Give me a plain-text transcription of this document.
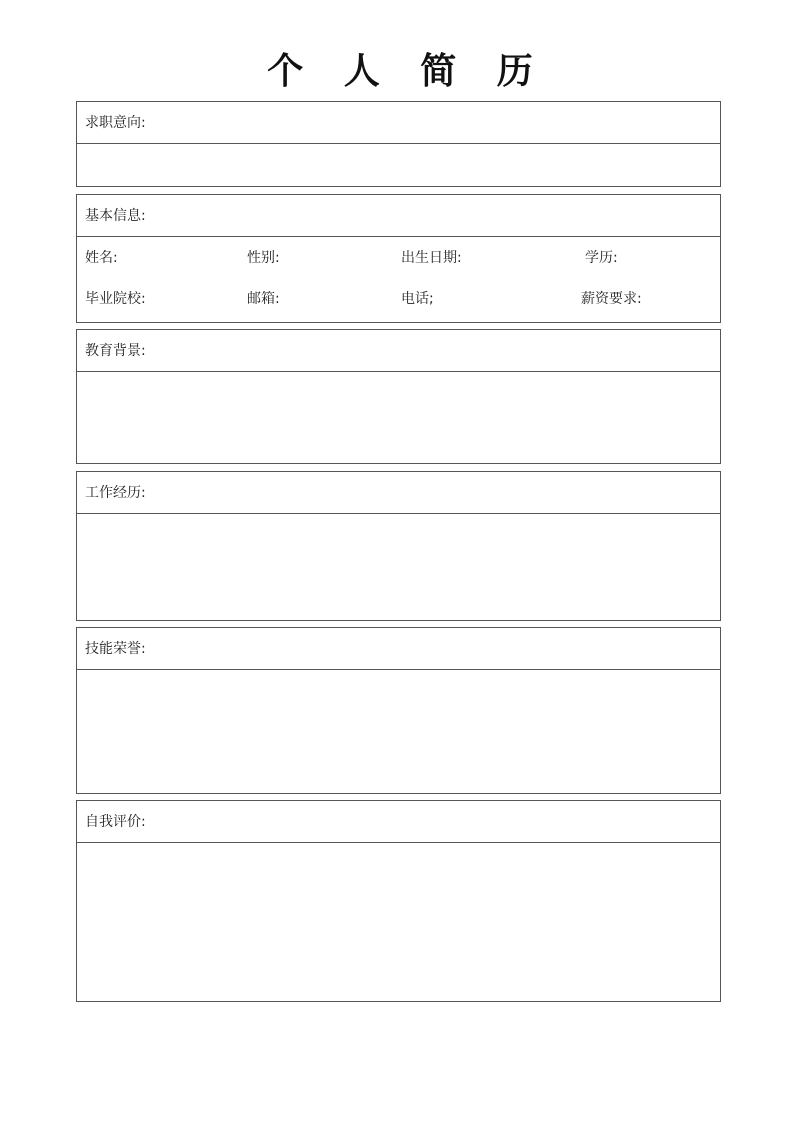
个 人 简 历
求职意向:
基本信息:
姓名:	性别:	出生日期:	学历:
毕业院校:	邮箱:	电话;	薪资要求:
教育背景:
工作经历:
技能荣誉:
自我评价:
